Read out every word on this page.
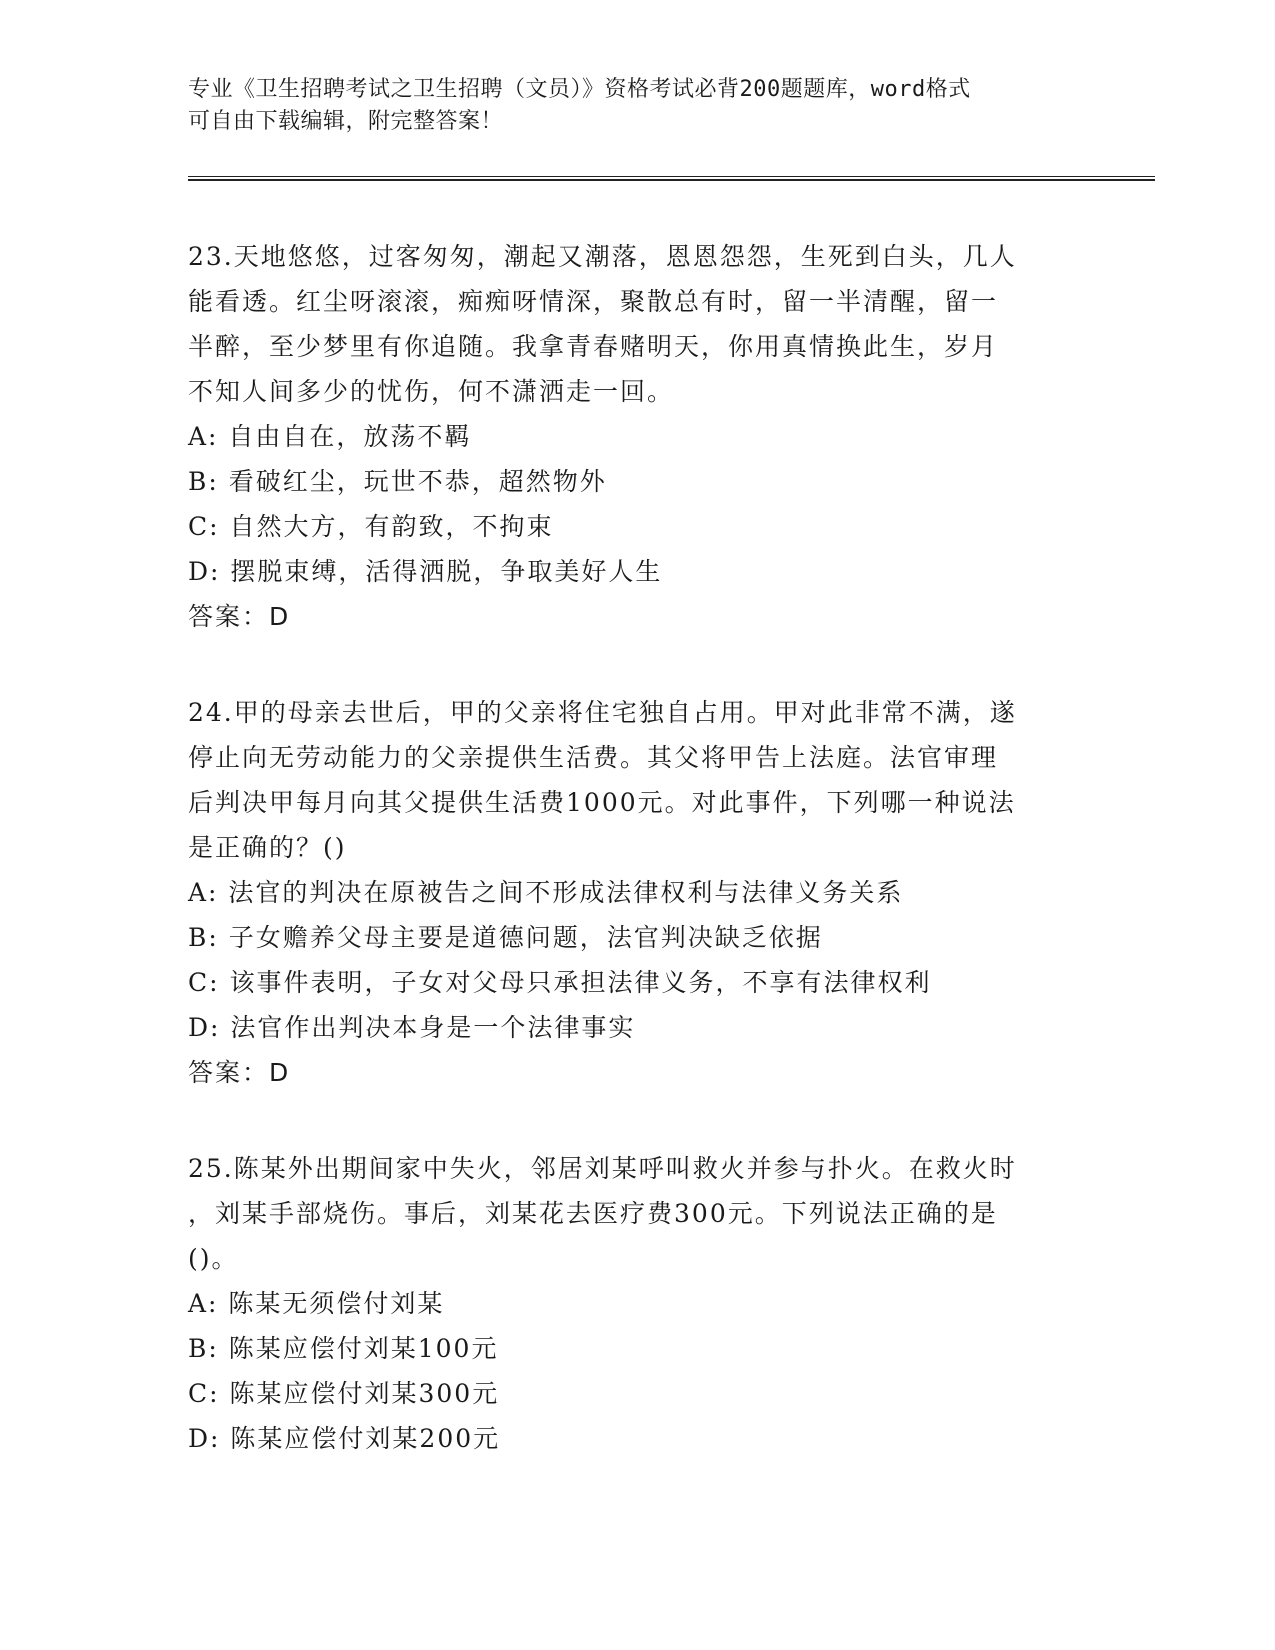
专业《卫生招聘考试之卫生招聘（文员）》资格考试必背200题题库，word格式

可自由下载编辑，附完整答案！

23.天地悠悠，过客匆匆，潮起又潮落，恩恩怨怨，生死到白头，几人

能看透。红尘呀滚滚，痴痴呀情深，聚散总有时，留一半清醒，留一

半醉，至少梦里有你追随。我拿青春赌明天，你用真情换此生，岁月

不知人间多少的忧伤，何不潇洒走一回。

A: 自由自在，放荡不羁

B: 看破红尘，玩世不恭，超然物外

C: 自然大方，有韵致，不拘束

D: 摆脱束缚，活得洒脱，争取美好人生

答案：D

24.甲的母亲去世后，甲的父亲将住宅独自占用。甲对此非常不满，遂

停止向无劳动能力的父亲提供生活费。其父将甲告上法庭。法官审理

后判决甲每月向其父提供生活费1000元。对此事件，下列哪一种说法

是正确的？()

A: 法官的判决在原被告之间不形成法律权利与法律义务关系

B: 子女赡养父母主要是道德问题，法官判决缺乏依据

C: 该事件表明，子女对父母只承担法律义务，不享有法律权利

D: 法官作出判决本身是一个法律事实

答案：D

25.陈某外出期间家中失火，邻居刘某呼叫救火并参与扑火。在救火时

，刘某手部烧伤。事后，刘某花去医疗费300元。下列说法正确的是

()。

A: 陈某无须偿付刘某

B: 陈某应偿付刘某100元

C: 陈某应偿付刘某300元

D: 陈某应偿付刘某200元
